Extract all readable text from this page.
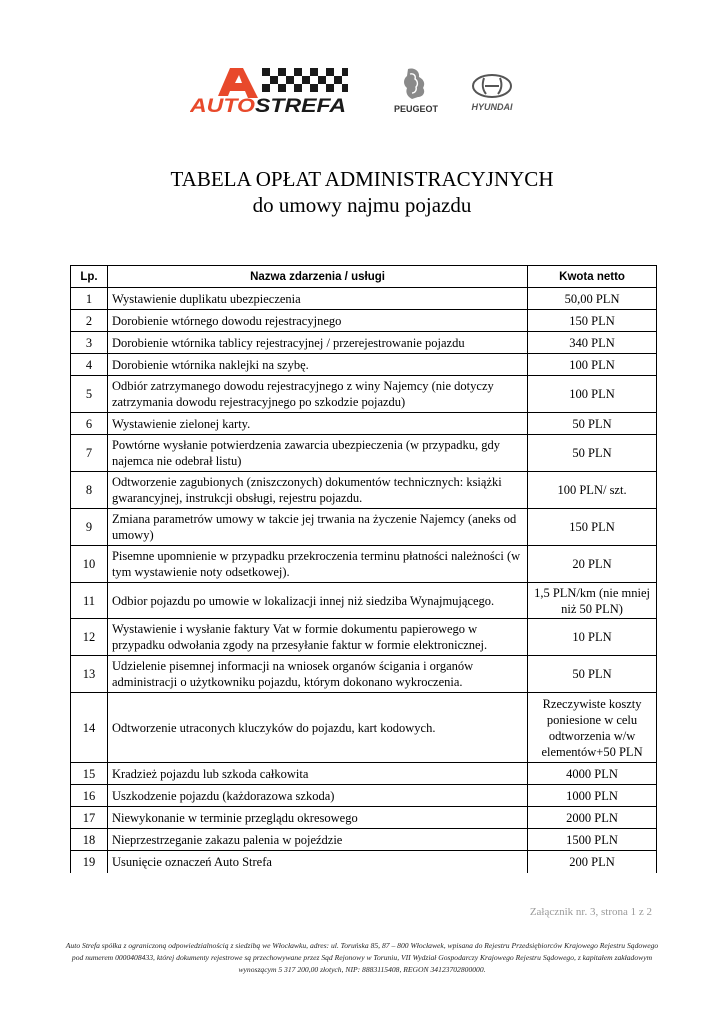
AUTO STREFA	PEUGEOT	HYUNDAI
TABELA OPŁAT ADMINISTRACYJNYCH
do umowy najmu pojazdu
Lp.	Nazwa zdarzenia / usługi	Kwota netto
1	Wystawienie duplikatu ubezpieczenia	50,00 PLN
2	Dorobienie wtórnego dowodu rejestracyjnego	150 PLN
3	Dorobienie wtórnika tablicy rejestracyjnej / przerejestrowanie pojazdu	340 PLN
4	Dorobienie wtórnika naklejki na szybę.	100 PLN
5	Odbiór zatrzymanego dowodu rejestracyjnego z winy Najemcy (nie dotyczy zatrzymania dowodu rejestracyjnego po szkodzie pojazdu)	100 PLN
6	Wystawienie zielonej karty.	50 PLN
7	Powtórne wysłanie potwierdzenia zawarcia ubezpieczenia (w przypadku, gdy najemca nie odebrał listu)	50 PLN
8	Odtworzenie zagubionych (zniszczonych) dokumentów technicznych: książki gwarancyjnej, instrukcji obsługi, rejestru pojazdu.	100 PLN/ szt.
9	Zmiana parametrów umowy w takcie jej trwania na życzenie Najemcy (aneks od umowy)	150 PLN
10	Pisemne upomnienie w przypadku przekroczenia terminu płatności należności (w tym wystawienie noty odsetkowej).	20 PLN
11	Odbior pojazdu po umowie w lokalizacji innej niż siedziba Wynajmującego.	1,5 PLN/km (nie mniej niż 50 PLN)
12	Wystawienie i wysłanie faktury Vat w formie dokumentu papierowego w przypadku odwołania zgody na przesyłanie faktur w formie elektronicznej.	10 PLN
13	Udzielenie pisemnej informacji na wniosek organów ścigania i organów administracji o użytkowniku pojazdu, którym dokonano wykroczenia.	50 PLN
14	Odtworzenie utraconych kluczyków do pojazdu, kart kodowych.	Rzeczywiste koszty poniesione w celu odtworzenia w/w elementów+50 PLN
15	Kradzież pojazdu lub szkoda całkowita	4000 PLN
16	Uszkodzenie pojazdu (każdorazowa szkoda)	1000 PLN
17	Niewykonanie w terminie przeglądu okresowego	2000 PLN
18	Nieprzestrzeganie zakazu palenia w pojeździe	1500 PLN
19	Usunięcie oznaczeń Auto Strefa	200 PLN
Załącznik nr. 3, strona 1 z 2
Auto Strefa spółka z ograniczoną odpowiedzialnością z siedzibą we Włocławku, adres: ul. Toruńska 85, 87 – 800 Włocławek, wpisana do Rejestru Przedsiębiorców Krajowego Rejestru Sądowego pod numerem 0000408433, której dokumenty rejestrowe są przechowywane przez Sąd Rejonowy w Toruniu, VII Wydział Gospodarczy Krajowego Rejestru Sądowego, z kapitałem zakładowym wynoszącym 5 317 200,00 złotych, NIP: 8883115408, REGON 34123702800000.
